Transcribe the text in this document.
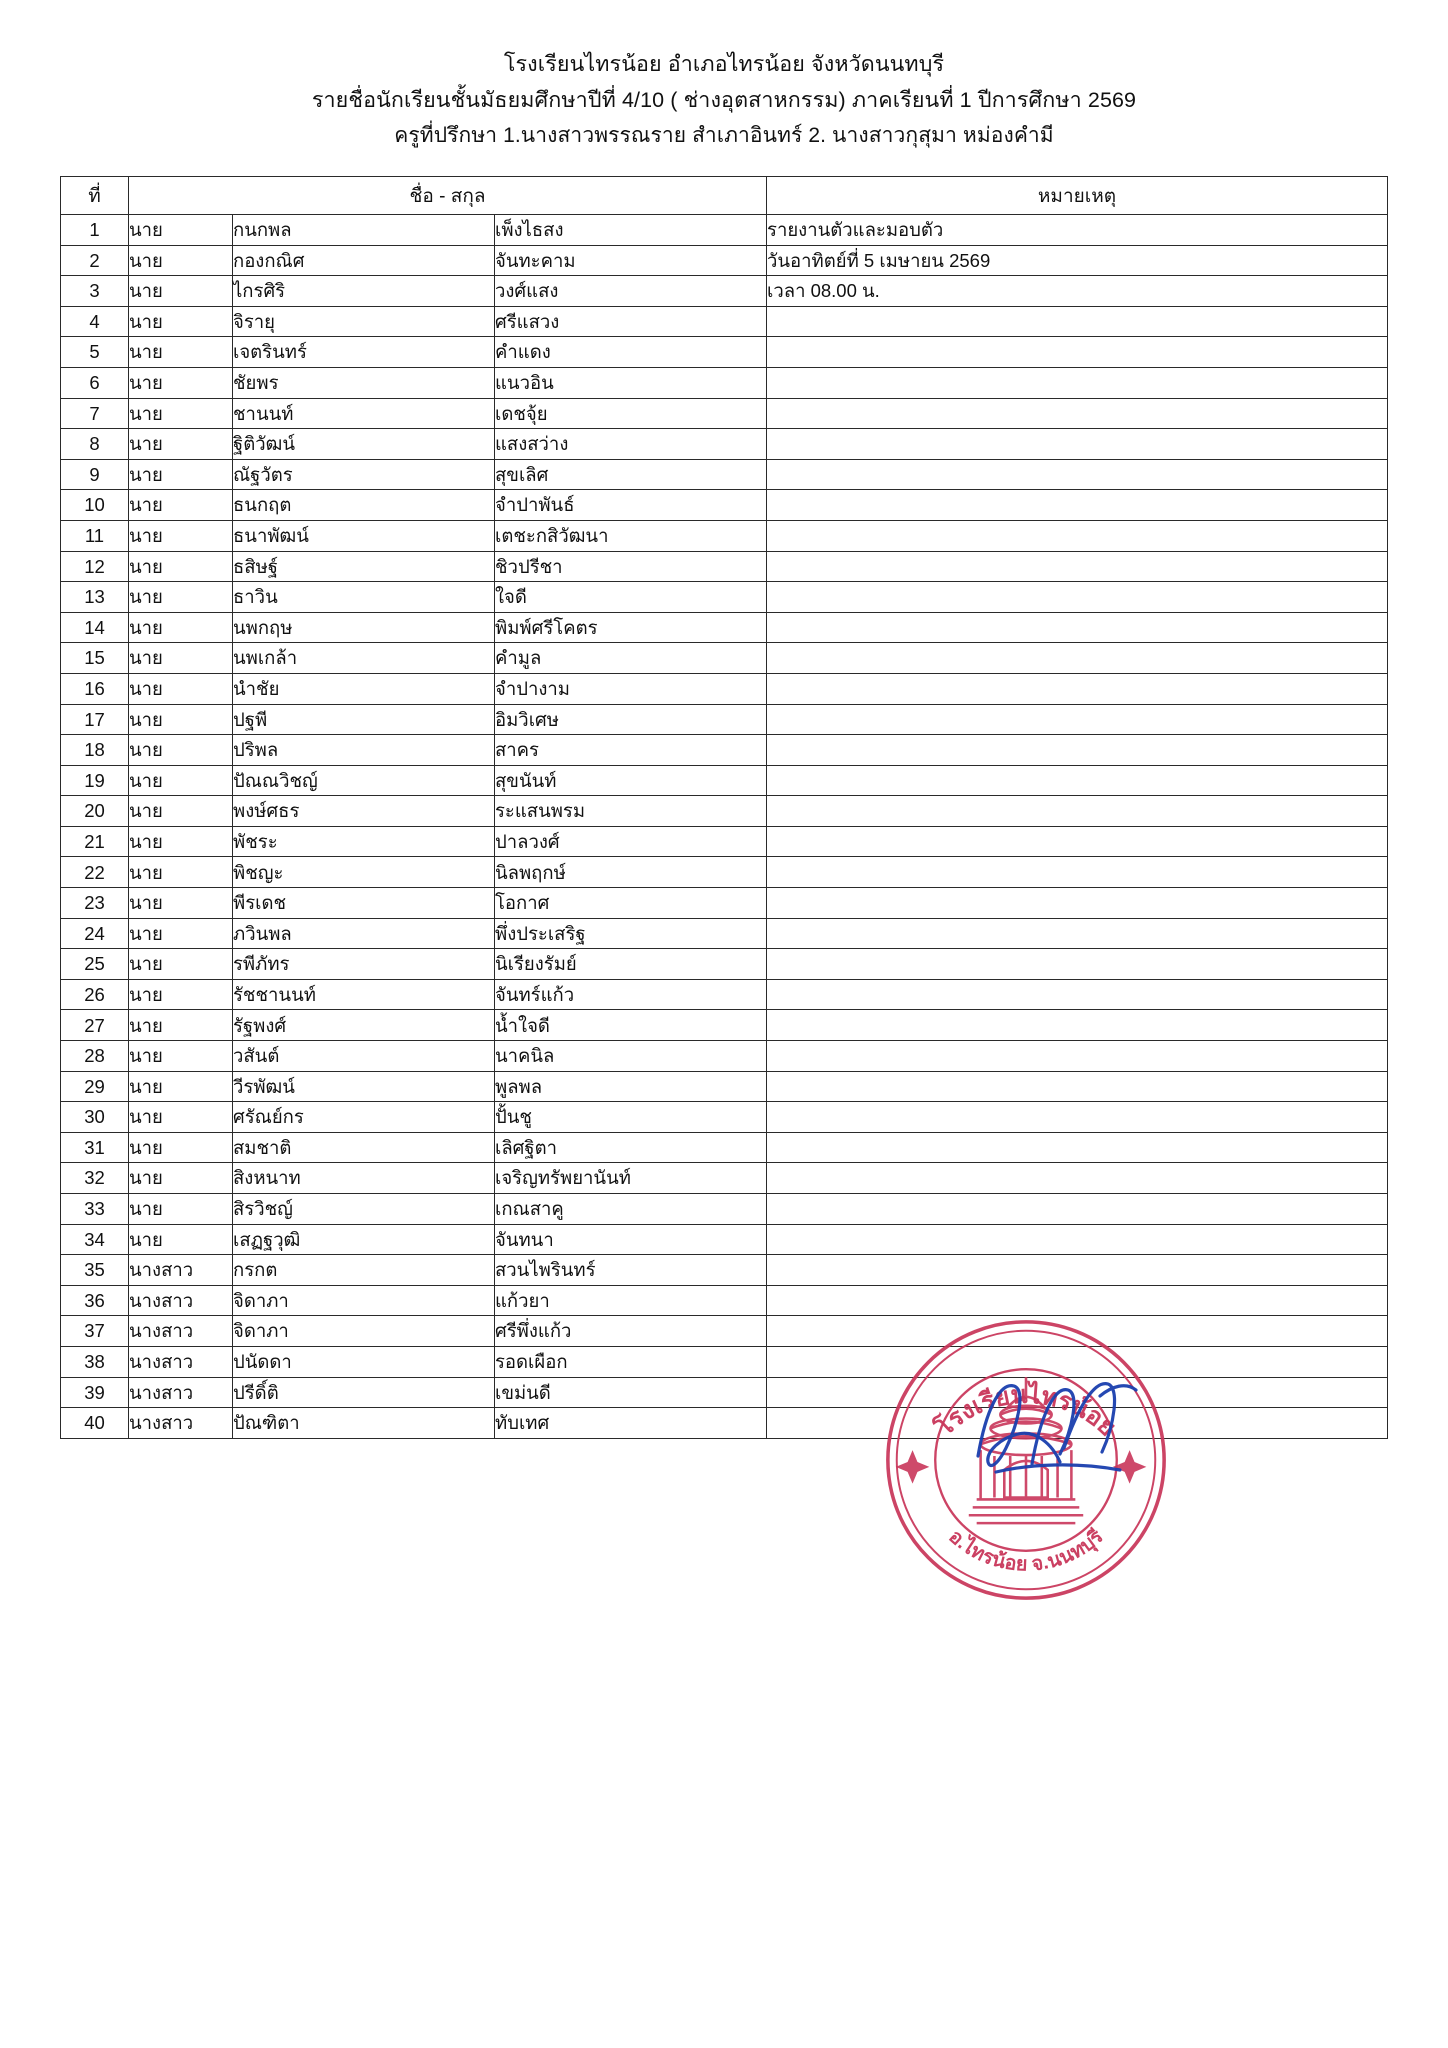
โรงเรียนไทรน้อย อำเภอไทรน้อย จังหวัดนนทบุรี
รายชื่อนักเรียนชั้นมัธยมศึกษาปีที่ 4/10 ( ช่างอุตสาหกรรม) ภาคเรียนที่ 1 ปีการศึกษา 2569
ครูที่ปรึกษา 1.นางสาวพรรณราย สำเภาอินทร์ 2. นางสาวกุสุมา หม่องคำมี
ที่	ชื่อ - สกุล			หมายเหตุ
1	นาย	กนกพล	เพ็งไธสง	รายงานตัวและมอบตัว
2	นาย	กองกณิศ	จันทะคาม	วันอาทิตย์ที่ 5 เมษายน 2569
3	นาย	ไกรศิริ	วงศ์แสง	เวลา 08.00 น.
4	นาย	จิรายุ	ศรีแสวง	
5	นาย	เจตรินทร์	คำแดง	
6	นาย	ชัยพร	แนวอิน	
7	นาย	ชานนท์	เดชจุ้ย	
8	นาย	ฐิติวัฒน์	แสงสว่าง	
9	นาย	ณัฐวัตร	สุขเลิศ	
10	นาย	ธนกฤต	จำปาพันธ์	
11	นาย	ธนาพัฒน์	เตชะกสิวัฒนา	
12	นาย	ธสิษฐ์	ชิวปรีชา	
13	นาย	ธาวิน	ใจดี	
14	นาย	นพกฤษ	พิมพ์ศรีโคตร	
15	นาย	นพเกล้า	คำมูล	
16	นาย	นำชัย	จำปางาม	
17	นาย	ปฐพี	อิมวิเศษ	
18	นาย	ปริพล	สาคร	
19	นาย	ปัณณวิชญ์	สุขนันท์	
20	นาย	พงษ์ศธร	ระแสนพรม	
21	นาย	พัชระ	ปาลวงศ์	
22	นาย	พิชญะ	นิลพฤกษ์	
23	นาย	พีรเดช	โอกาศ	
24	นาย	ภวินพล	พึ่งประเสริฐ	
25	นาย	รพีภัทร	นิเรียงรัมย์	
26	นาย	รัชชานนท์	จันทร์แก้ว	
27	นาย	รัฐพงศ์	น้ำใจดี	
28	นาย	วสันต์	นาคนิล	
29	นาย	วีรพัฒน์	พูลพล	
30	นาย	ศรัณย์กร	ปั้นชู	
31	นาย	สมชาติ	เลิศฐิตา	
32	นาย	สิงหนาท	เจริญทรัพยานันท์	
33	นาย	สิรวิชญ์	เกณสาคู	
34	นาย	เสฏฐวุฒิ	จันทนา	
35	นางสาว	กรกต	สวนไพรินทร์	
36	นางสาว	จิดาภา	แก้วยา	
37	นางสาว	จิดาภา	ศรีพึ่งแก้ว	
38	นางสาว	ปนัดดา	รอดเผือก	
39	นางสาว	ปรีดิ์ติ	เขม่นดี	
40	นางสาว	ปัณฑิตา	ทับเทศ		โรงเรียนไทรน้อย
อ.ไทรน้อย จ.นนทบุรี
